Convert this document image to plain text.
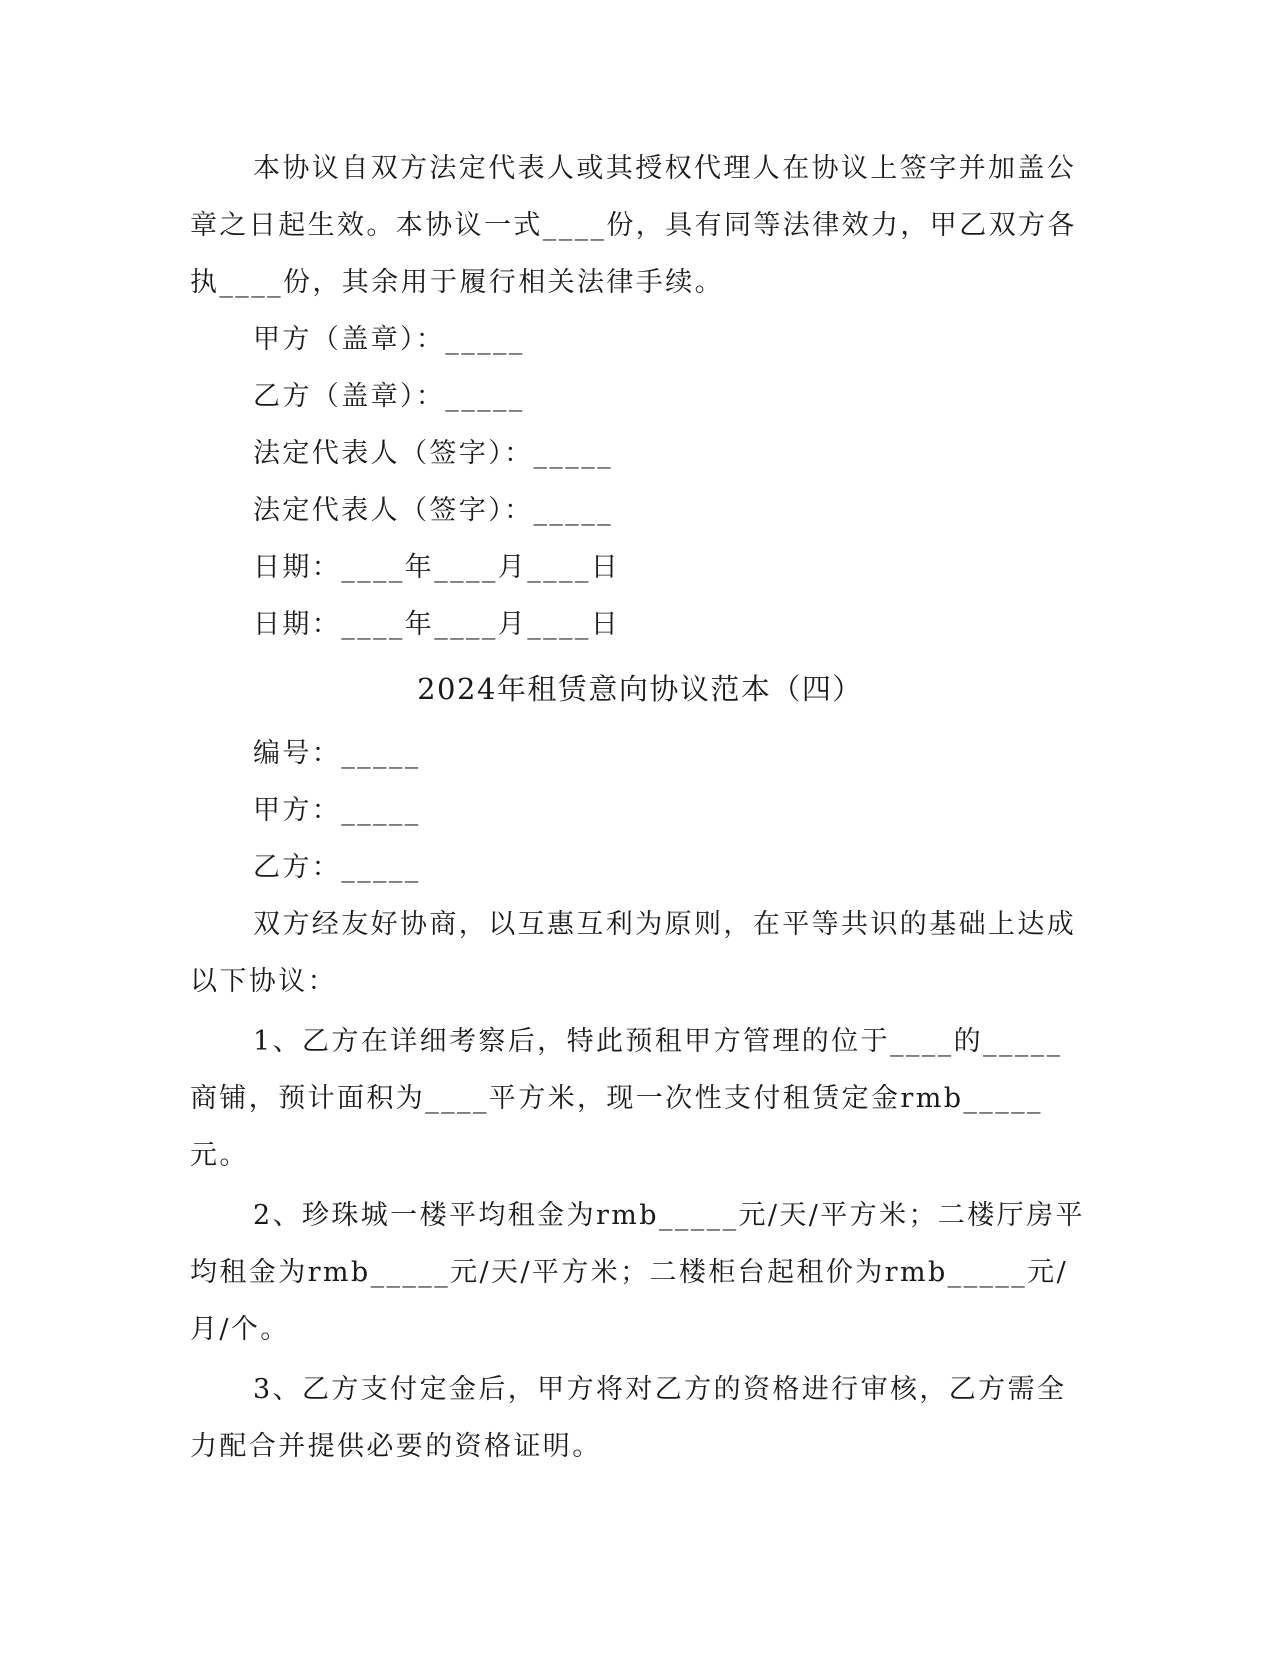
本协议自双方法定代表人或其授权代理人在协议上签字并加盖公章之日起生效。本协议一式____份，具有同等法律效力，甲乙双方各执____份，其余用于履行相关法律手续。

甲方（盖章）：_____

乙方（盖章）：_____

法定代表人（签字）：_____

法定代表人（签字）：_____

日期：____年____月____日

日期：____年____月____日

2024年租赁意向协议范本（四）

编号：_____

甲方：_____

乙方：_____

双方经友好协商，以互惠互利为原则，在平等共识的基础上达成以下协议：

1、乙方在详细考察后，特此预租甲方管理的位于____的_____商铺，预计面积为____平方米，现一次性支付租赁定金rmb_____元。

2、珍珠城一楼平均租金为rmb_____元/天/平方米；二楼厅房平均租金为rmb_____元/天/平方米；二楼柜台起租价为rmb_____元/月/个。

3、乙方支付定金后，甲方将对乙方的资格进行审核，乙方需全力配合并提供必要的资格证明。
